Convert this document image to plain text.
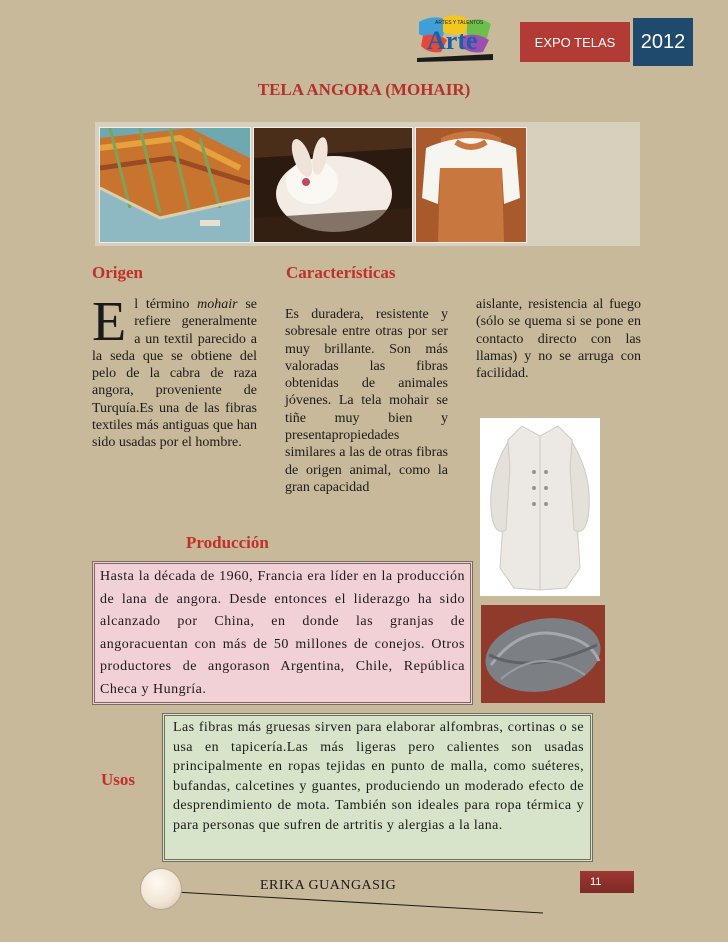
ARTES Y TALENTOS
Arte	EXPO TELAS	2012
TELA ANGORA (MOHAIR)
Origen
El término mohair se refiere generalmente a un textil parecido a la seda que se obtiene del pelo de la cabra de raza angora, proveniente de Turquía.Es una de las fibras textiles más antiguas que han sido usadas por el hombre.
Características
Es duradera, resistente y sobresale entre otras por ser muy brillante. Son más valoradas las fibras obtenidas de animales jóvenes. La tela mohair se tiñe muy bien y presentapropiedades similares a las de otras fibras de origen animal, como la gran capacidad
aislante, resistencia al fuego (sólo se quema si se pone en contacto directo con las llamas) y no se arruga con facilidad.
Producción
Hasta la década de 1960, Francia era líder en la producción de lana de angora. Desde entonces el liderazgo ha sido alcanzado por China, en donde las granjas de angoracuentan con más de 50 millones de conejos. Otros productores de angorason Argentina, Chile, República Checa y Hungría.
Usos
Las fibras más gruesas sirven para elaborar alfombras, cortinas o se usa en tapicería.Las más ligeras pero calientes son usadas principalmente en ropas tejidas en punto de malla, como suéteres, bufandas, calcetines y guantes, produciendo un moderado efecto de desprendimiento de mota. También son ideales para ropa térmica y para personas que sufren de artritis y alergias a la lana.
ERIKA GUANGASIG	11
